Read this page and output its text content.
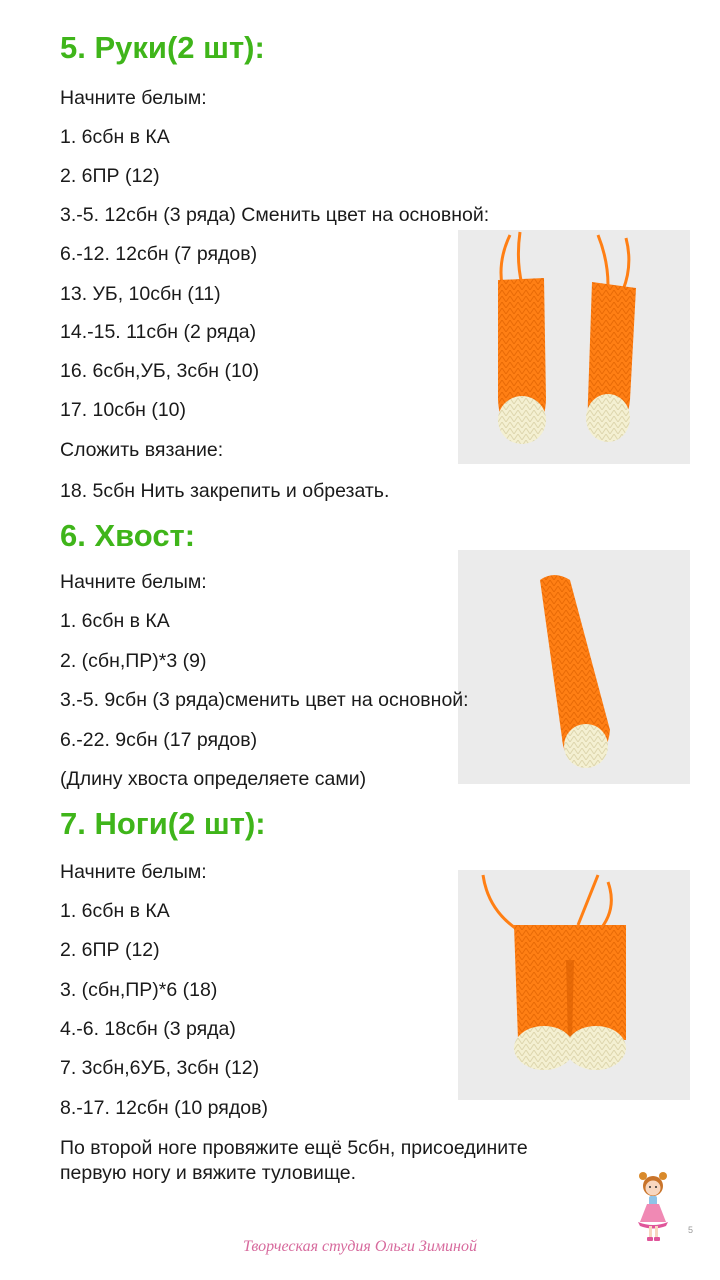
5. Руки(2 шт):
Начните белым:
1. 6сбн в КА
2. 6ПР (12)
3.-5. 12сбн (3 ряда) Сменить цвет на основной:
6.-12. 12сбн (7 рядов)
13. УБ, 10сбн (11)
14.-15. 11сбн (2 ряда)
16. 6сбн,УБ, 3сбн (10)
17. 10сбн (10)
Сложить вязание:
18. 5сбн Нить закрепить и обрезать.
6. Хвост:
Начните белым:
1. 6сбн в КА
2. (сбн,ПР)*3 (9)
3.-5. 9сбн (3 ряда)сменить цвет на основной:
6.-22. 9сбн (17 рядов)
(Длину хвоста определяете сами)
7. Ноги(2 шт):
Начните белым:
1. 6сбн в КА
2. 6ПР (12)
3. (сбн,ПР)*6 (18)
4.-6. 18сбн (3 ряда)
7. 3сбн,6УБ, 3сбн (12)
8.-17. 12сбн (10 рядов)
По второй ноге провяжите ещё 5сбн, присоедините
первую ногу и вяжите туловище.
5
Творческая студия Ольги Зиминой
